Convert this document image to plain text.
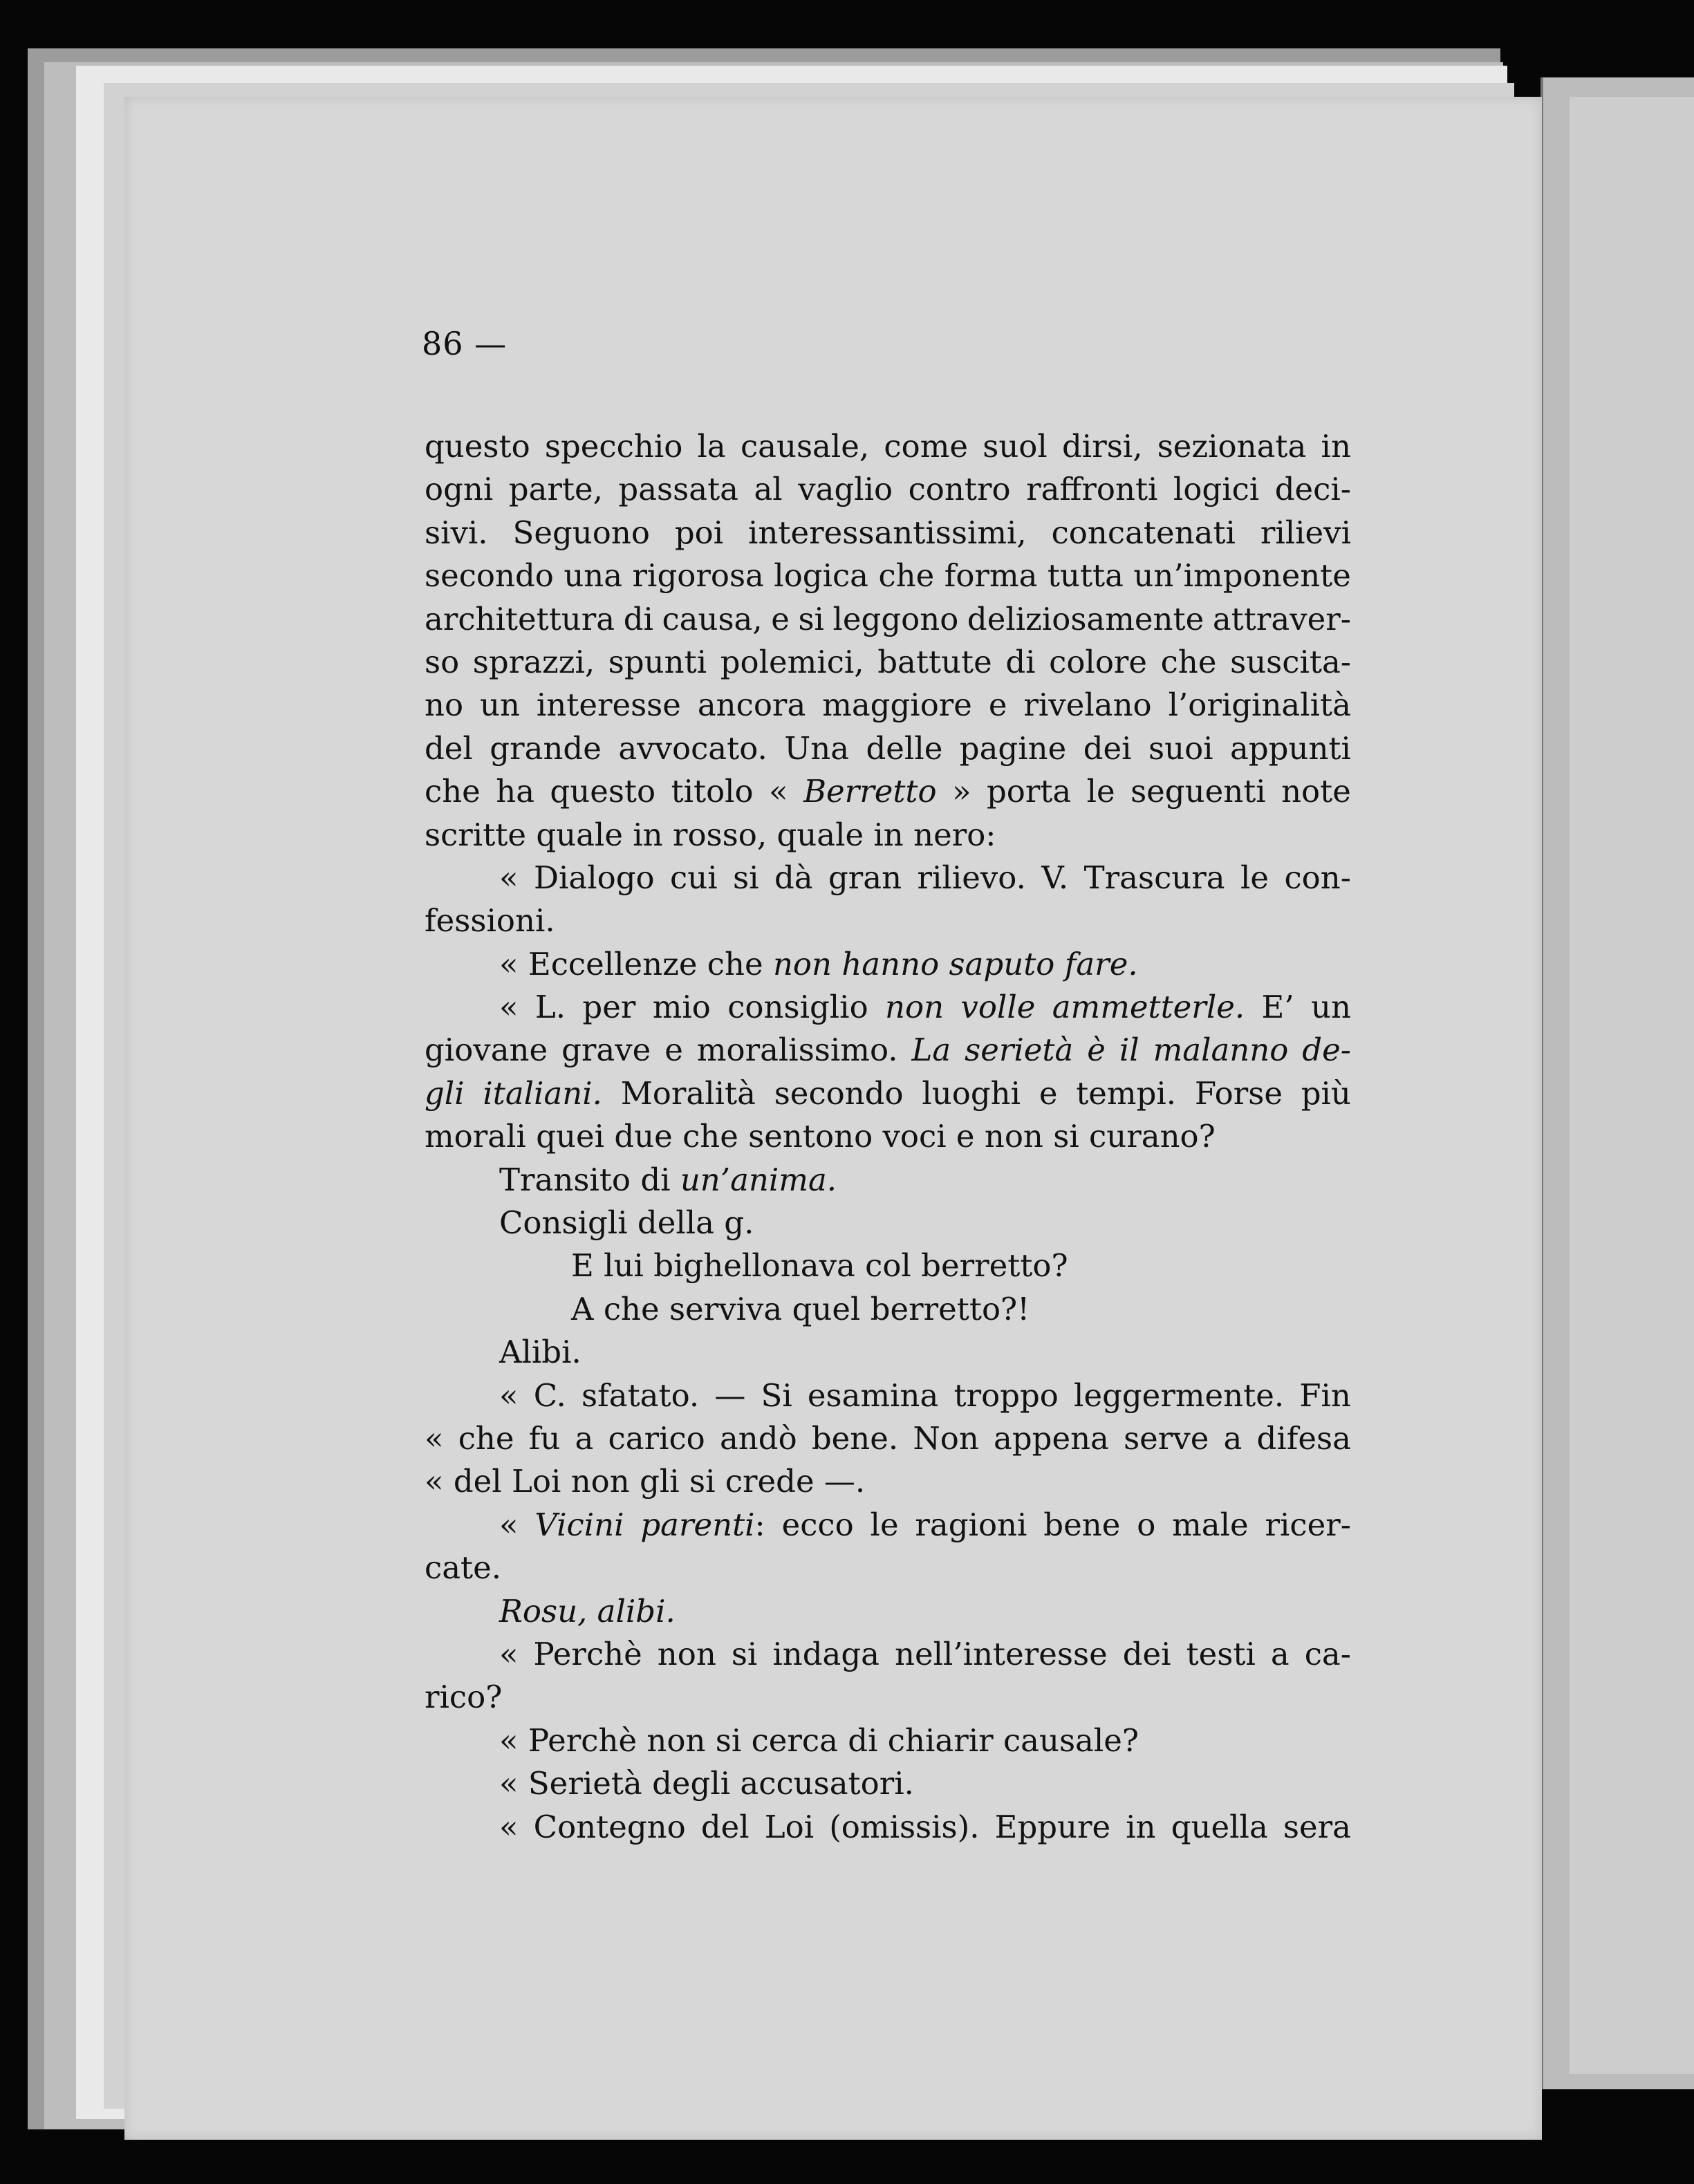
86 —
questo specchio la causale, come suol dirsi, sezionata in
ogni parte, passata al vaglio contro raffronti logici deci-
sivi. Seguono poi interessantissimi, concatenati rilievi
secondo una rigorosa logica che forma tutta un’imponente
architettura di causa, e si leggono deliziosamente attraver-
so sprazzi, spunti polemici, battute di colore che suscita-
no un interesse ancora maggiore e rivelano l’originalità
del grande avvocato. Una delle pagine dei suoi appunti
che ha questo titolo « Berretto » porta le seguenti note
scritte quale in rosso, quale in nero:
« Dialogo cui si dà gran rilievo. V. Trascura le con-
fessioni.
« Eccellenze che non hanno saputo fare.
« L. per mio consiglio non volle ammetterle. E’ un
giovane grave e moralissimo. La serietà è il malanno de-
gli italiani. Moralità secondo luoghi e tempi. Forse più
morali quei due che sentono voci e non si curano?
Transito di un’anima.
Consigli della g.
E lui bighellonava col berretto?
A che serviva quel berretto?!
Alibi.
« C. sfatato. — Si esamina troppo leggermente. Fin
« che fu a carico andò bene. Non appena serve a difesa
« del Loi non gli si crede —.
« Vicini parenti: ecco le ragioni bene o male ricer-
cate.
Rosu, alibi.
« Perchè non si indaga nell’interesse dei testi a ca-
rico?
« Perchè non si cerca di chiarir causale?
« Serietà degli accusatori.
« Contegno del Loi (omissis). Eppure in quella sera
